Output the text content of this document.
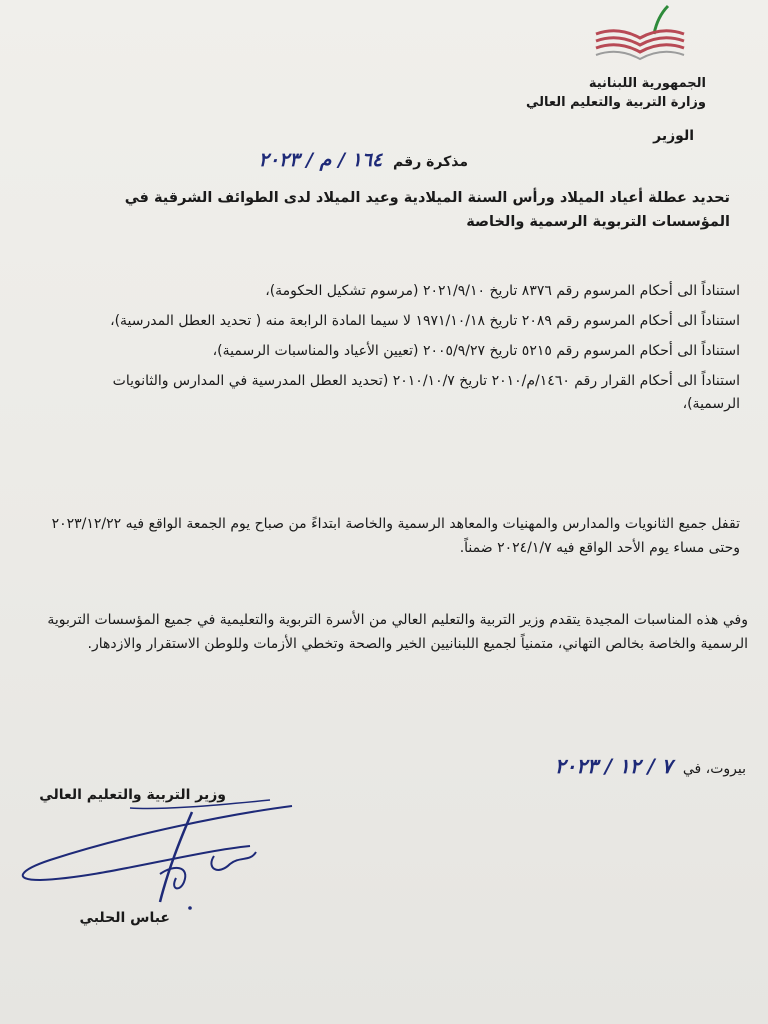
الجمهورية اللبنانية
وزارة التربية والتعليم العالي
الوزير
مذكرة رقم ١٦٤ / م / ٢٠٢٣
تحديد عطلة أعياد الميلاد ورأس السنة الميلادية وعيد الميلاد لدى الطوائف الشرقية في المؤسسات التربوية الرسمية والخاصة

استناداً الى أحكام المرسوم رقم ٨٣٧٦ تاريخ ٢٠٢١/٩/١٠ (مرسوم تشكيل الحكومة)،

استناداً الى أحكام المرسوم رقم ٢٠٨٩ تاريخ ١٩٧١/١٠/١٨ لا سيما المادة الرابعة منه ( تحديد العطل المدرسية)،

استناداً الى أحكام المرسوم رقم ٥٢١٥ تاريخ ٢٠٠٥/٩/٢٧ (تعيين الأعياد والمناسبات الرسمية)،

استناداً الى أحكام القرار رقم ١٤٦٠/م/٢٠١٠ تاريخ ٢٠١٠/١٠/٧ (تحديد العطل المدرسية في المدارس والثانويات الرسمية)،

تقفل جميع الثانويات والمدارس والمهنيات والمعاهد الرسمية والخاصة ابتداءً من صباح يوم الجمعة الواقع فيه ٢٠٢٣/١٢/٢٢ وحتى مساء يوم الأحد الواقع فيه ٢٠٢٤/١/٧ ضمناً.
وفي هذه المناسبات المجيدة يتقدم وزير التربية والتعليم العالي من الأسرة التربوية والتعليمية في جميع المؤسسات التربوية الرسمية والخاصة بخالص التهاني، متمنياً لجميع اللبنانيين الخير والصحة وتخطي الأزمات وللوطن الاستقرار والازدهار.
بيروت، في ٧ / ١٢ / ٢٠٢٣
وزير التربية والتعليم العالي
عباس الحلبي
